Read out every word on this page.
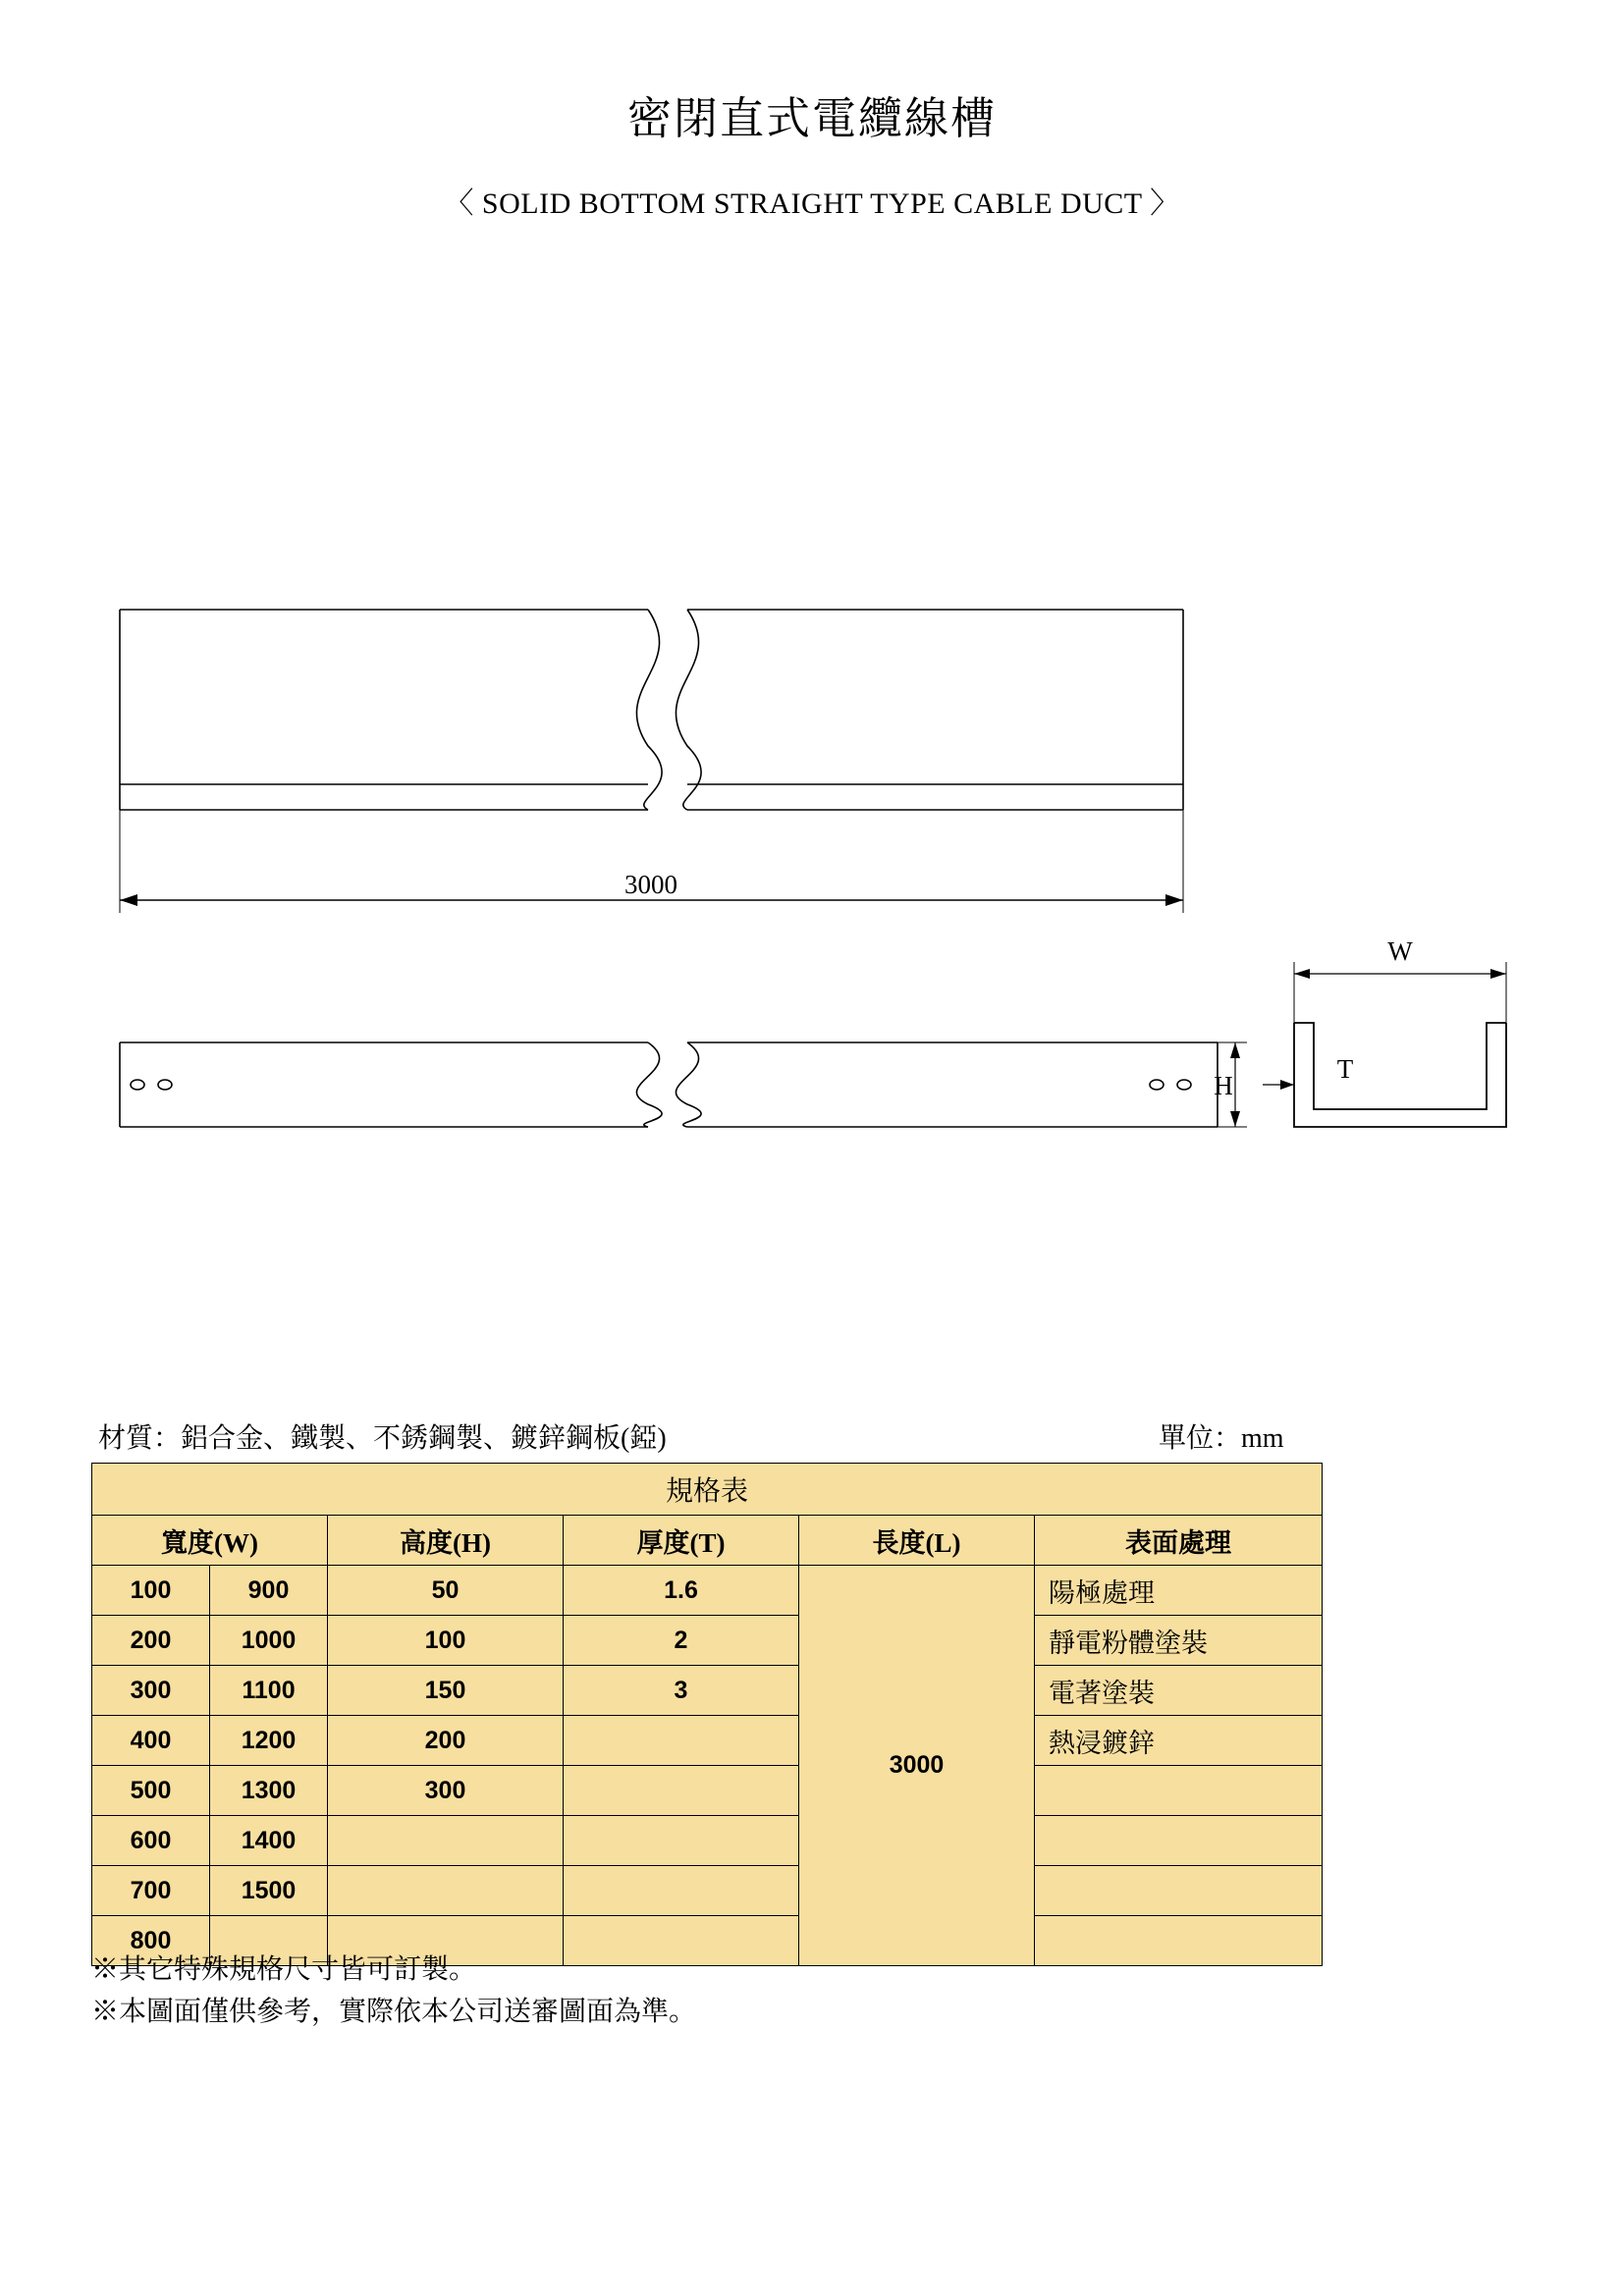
密閉直式電纜線槽
〈 SOLID BOTTOM STRAIGHT TYPE CABLE DUCT 〉
3000
W
H
T
材質：鋁合金、鐵製、不銹鋼製、鍍鋅鋼板(錏)	單位：mm
規格表					
寬度(W)		高度(H)	厚度(T)	長度(L)	表面處理
100	900	50	1.6	3000	陽極處理
200	1000	100	2		靜電粉體塗裝
300	1100	150	3		電著塗裝
400	1200	200			熱浸鍍鋅
500	1300	300			
600	1400				
700	1500				
800					
※其它特殊規格尺寸皆可訂製。
※本圖面僅供參考，實際依本公司送審圖面為準。
